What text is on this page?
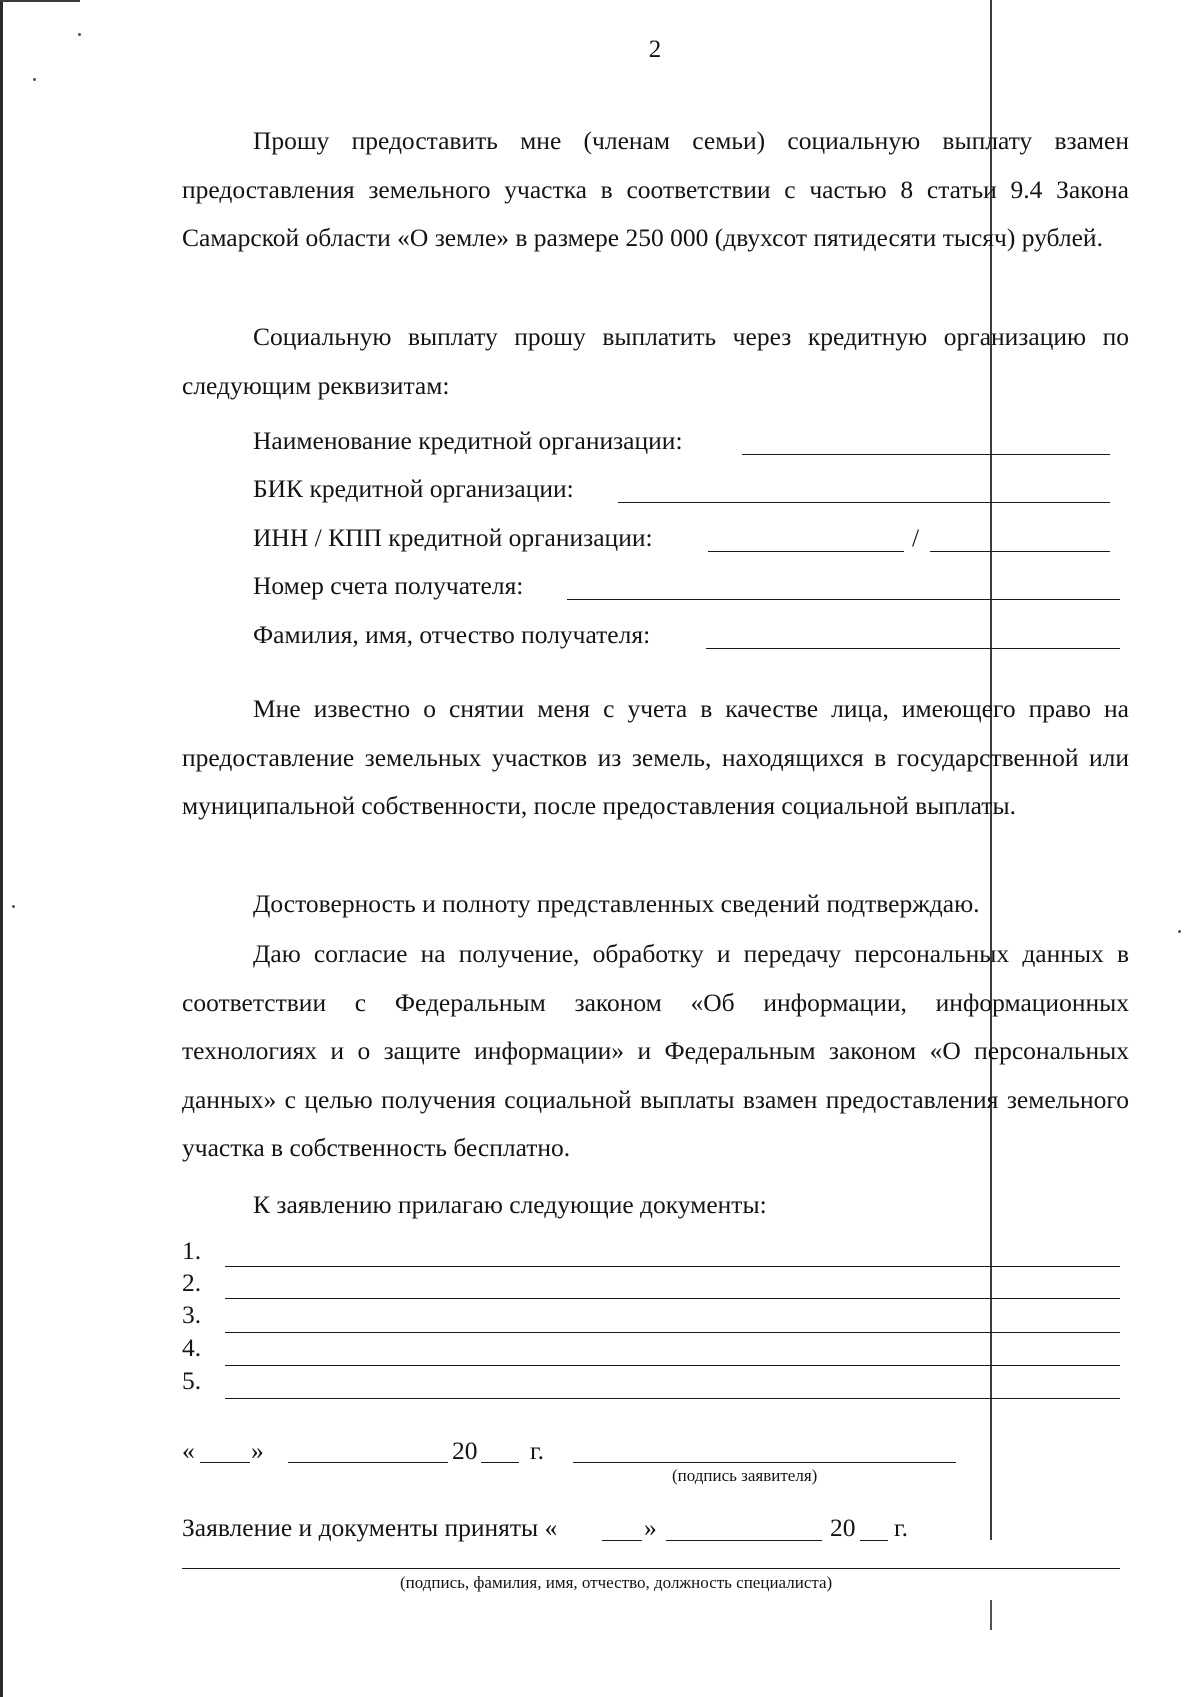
2

Прошу предоставить мне (членам семьи) социальную выплату взамен предоставления земельного участка в соответствии с частью 8 статьи 9.4 Закона Самарской области «О земле» в размере 250 000 (двухсот пятидесяти тысяч) рублей.

Социальную выплату прошу выплатить через кредитную организацию по следующим реквизитам:

Наименование кредитной организации:
БИК кредитной организации:
ИНН / КПП кредитной организации:	/
Номер счета получателя:
Фамилия, имя, отчество получателя:

Мне известно о снятии меня с учета в качестве лица, имеющего право на предоставление земельных участков из земель, находящихся в государственной или муниципальной собственности, после предоставления социальной выплаты.

Достоверность и полноту представленных сведений подтверждаю.

Даю согласие на получение, обработку и передачу персональных данных в соответствии с Федеральным законом «Об информации, информационных технологиях и о защите информации» и Федеральным законом «О персональных данных» с целью получения социальной выплаты взамен предоставления земельного участка в собственность бесплатно.

К заявлению прилагаю следующие документы:
1.
2.
3.
4.
5.
« »	20 г.
(подпись заявителя)
Заявление и документы приняты «	»	20 г.
(подпись, фамилия, имя, отчество, должность специалиста)
